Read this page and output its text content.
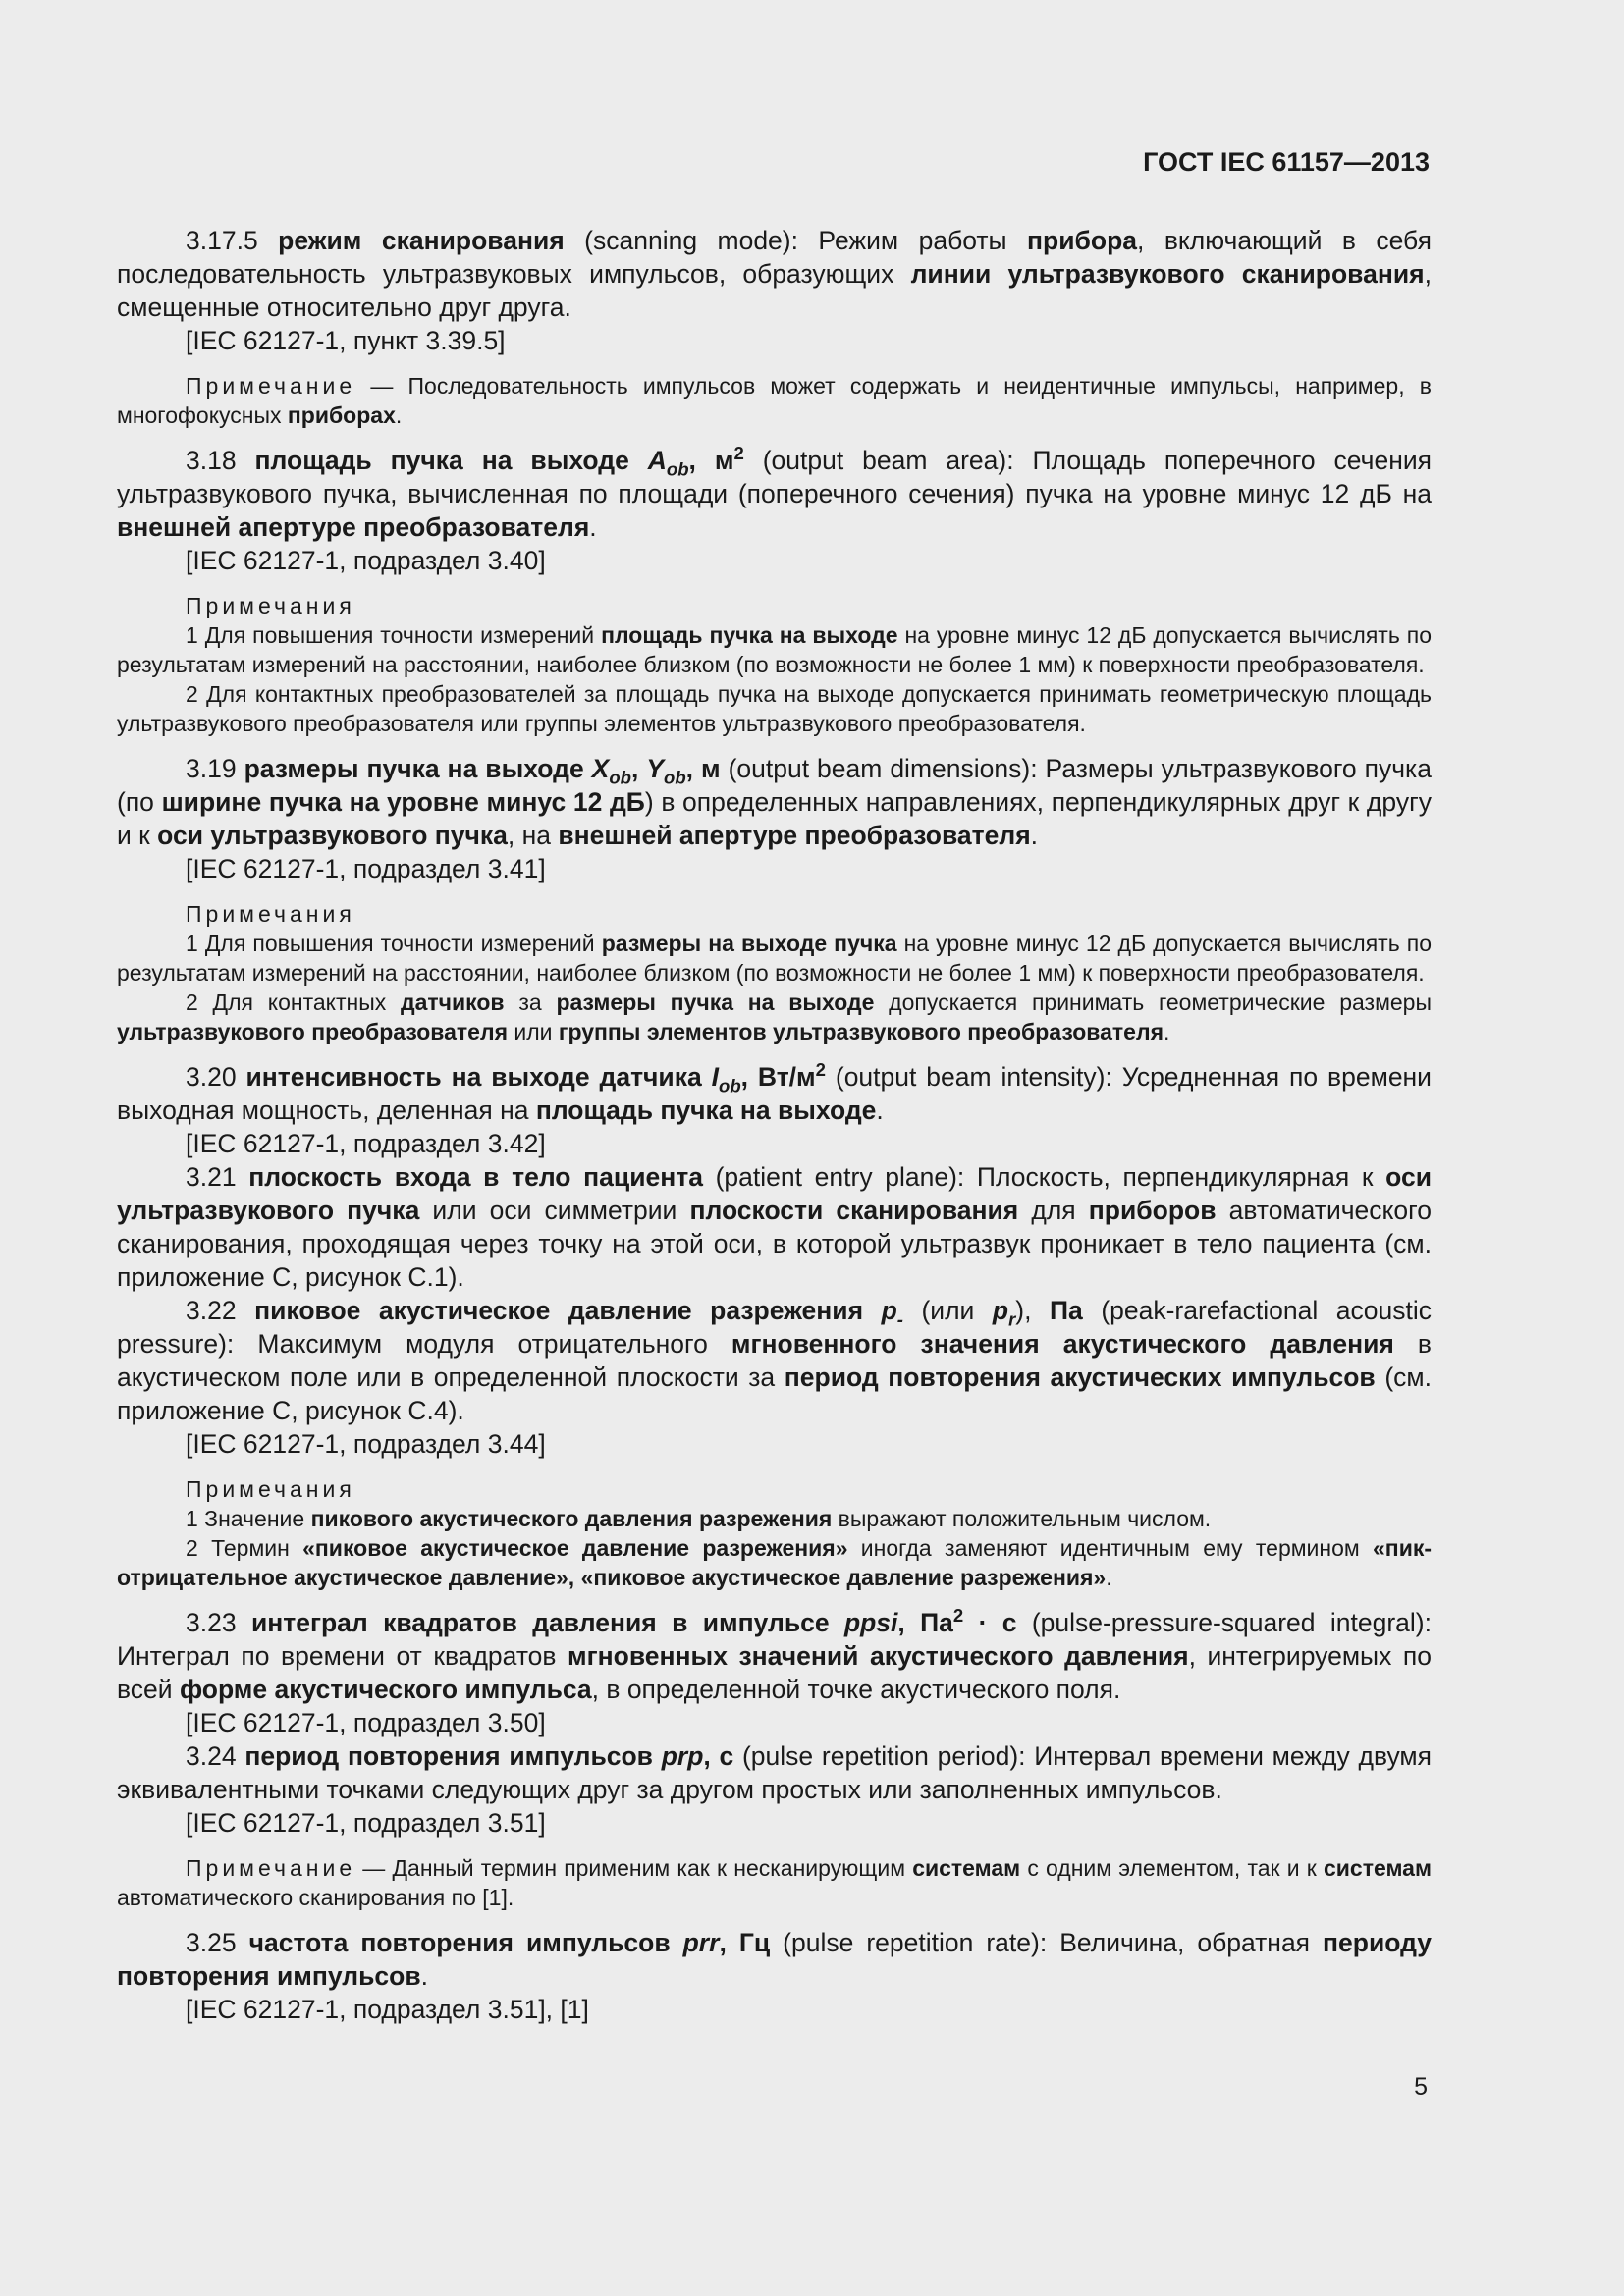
ГОСТ IEC 61157—2013

3.17.5 режим сканирования (scanning mode): Режим работы прибора, включающий в себя последовательность ультразвуковых импульсов, образующих линии ультразвукового сканирования, смещенные относительно друг друга.

[IEC 62127-1, пункт 3.39.5]

Примечание — Последовательность импульсов может содержать и неидентичные импульсы, например, в многофокусных приборах.

3.18 площадь пучка на выходе $A_{ob}$, $м^2$ (output beam area): Площадь поперечного сечения ультразвукового пучка, вычисленная по площади (поперечного сечения) пучка на уровне минус 12 дБ на внешней апертуре преобразователя.

[IEC 62127-1, подраздел 3.40]

Примечания

1 Для повышения точности измерений площадь пучка на выходе на уровне минус 12 дБ допускается вычислять по результатам измерений на расстоянии, наиболее близком (по возможности не более 1 мм) к поверхности преобразователя.

2 Для контактных преобразователей за площадь пучка на выходе допускается принимать геометрическую площадь ультразвукового преобразователя или группы элементов ультразвукового преобразователя.

3.19 размеры пучка на выходе $X_{ob}$, $Y_{ob}$, м (output beam dimensions): Размеры ультразвукового пучка (по ширине пучка на уровне минус 12 дБ) в определенных направлениях, перпендикулярных друг к другу и к оси ультразвукового пучка, на внешней апертуре преобразователя.

[IEC 62127-1, подраздел 3.41]

Примечания

1 Для повышения точности измерений размеры на выходе пучка на уровне минус 12 дБ допускается вычислять по результатам измерений на расстоянии, наиболее близком (по возможности не более 1 мм) к поверхности преобразователя.

2 Для контактных датчиков за размеры пучка на выходе допускается принимать геометрические размеры ультразвукового преобразователя или группы элементов ультразвукового преобразователя.

3.20 интенсивность на выходе датчика $I_{ob}$, $Вт/м^2$ (output beam intensity): Усредненная по времени выходная мощность, деленная на площадь пучка на выходе.

[IEC 62127-1, подраздел 3.42]

3.21 плоскость входа в тело пациента (patient entry plane): Плоскость, перпендикулярная к оси ультразвукового пучка или оси симметрии плоскости сканирования для приборов автоматического сканирования, проходящая через точку на этой оси, в которой ультразвук проникает в тело пациента (см. приложение С, рисунок С.1).

3.22 пиковое акустическое давление разрежения $p_-$ (или $p_r$), Па (peak-rarefactional acoustic pressure): Максимум модуля отрицательного мгновенного значения акустического давления в акустическом поле или в определенной плоскости за период повторения акустических импульсов (см. приложение С, рисунок С.4).

[IEC 62127-1, подраздел 3.44]

Примечания

1 Значение пикового акустического давления разрежения выражают положительным числом.

2 Термин «пиковое акустическое давление разрежения» иногда заменяют идентичным ему термином «пик-отрицательное акустическое давление», «пиковое акустическое давление разрежения».

3.23 интеграл квадратов давления в импульсе ppsi, $Па^2 \cdot с$ (pulse-pressure-squared integral): Интеграл по времени от квадратов мгновенных значений акустического давления, интегрируемых по всей форме акустического импульса, в определенной точке акустического поля.

[IEC 62127-1, подраздел 3.50]

3.24 период повторения импульсов prp, с (pulse repetition period): Интервал времени между двумя эквивалентными точками следующих друг за другом простых или заполненных импульсов.

[IEC 62127-1, подраздел 3.51]

Примечание — Данный термин применим как к несканирующим системам с одним элементом, так и к системам автоматического сканирования по [1].

3.25 частота повторения импульсов prr, Гц (pulse repetition rate): Величина, обратная периоду повторения импульсов.

[IEC 62127-1, подраздел 3.51], [1]

5
